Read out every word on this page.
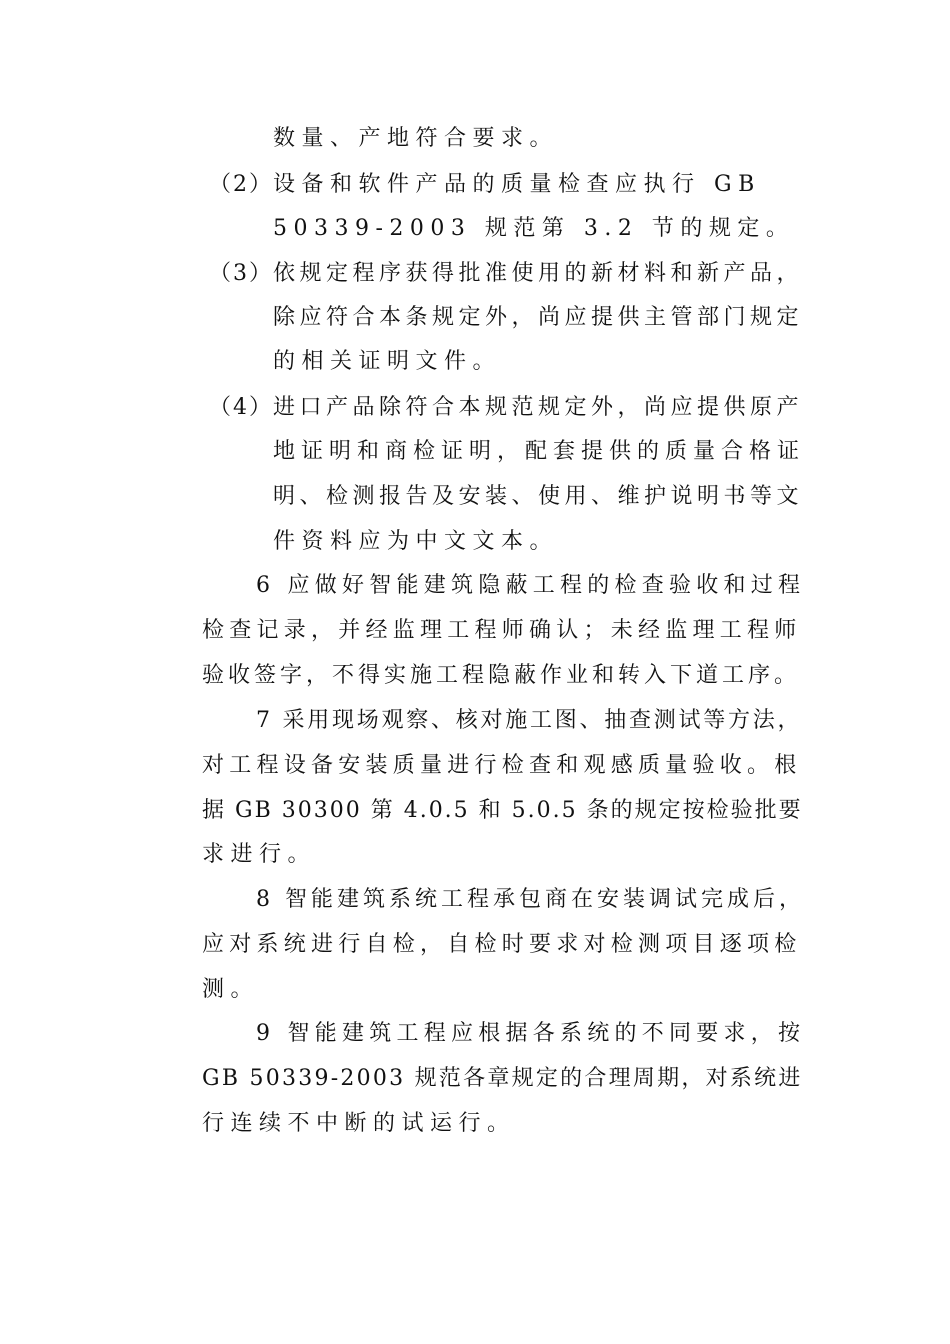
数量、产地符合要求。
（2） 设备和软件产品的质量检查应执行 GB
50339-2003 规范第 3.2 节的规定。
（3） 依规定程序获得批准使用的新材料和新产品，
除应符合本条规定外，尚应提供主管部门规定
的相关证明文件。
（4） 进口产品除符合本规范规定外，尚应提供原产
地证明和商检证明，配套提供的质量合格证
明、检测报告及安装、使用、维护说明书等文
件资料应为中文文本。
6 应做好智能建筑隐蔽工程的检查验收和过程
检查记录，并经监理工程师确认；未经监理工程师
验收签字，不得实施工程隐蔽作业和转入下道工序。
7 采用现场观察、核对施工图、抽查测试等方法，
对工程设备安装质量进行检查和观感质量验收。根
据 GB 30300 第 4.0.5 和 5.0.5 条的规定按检验批要
求进行。
8 智能建筑系统工程承包商在安装调试完成后，
应对系统进行自检，自检时要求对检测项目逐项检
测。
9 智能建筑工程应根据各系统的不同要求，按
GB 50339-2003 规范各章规定的合理周期，对系统进
行连续不中断的试运行。
